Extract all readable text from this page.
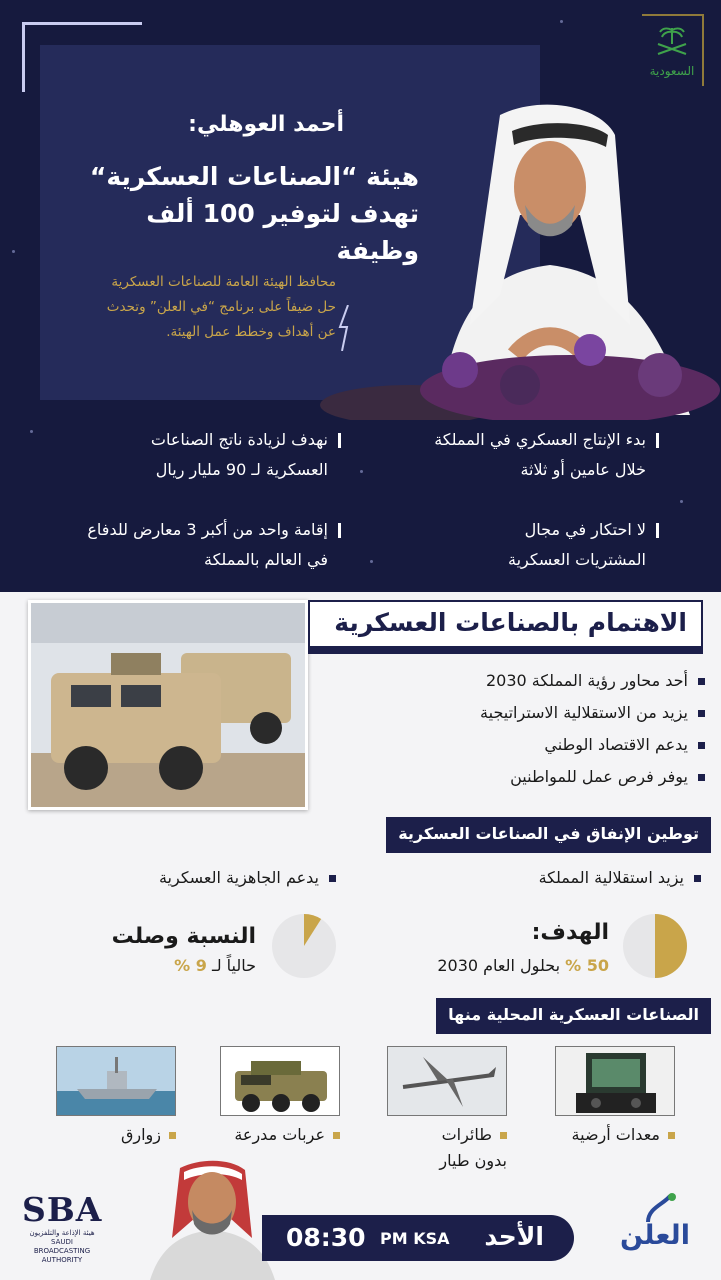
السعودية
أحمد العوهلي:
هيئة “الصناعات العسكرية“
تهدف لتوفير 100 ألف وظيفة
محافظ الهيئة العامة للصناعات العسكرية حل ضيفاً على برنامج “في العلن” وتحدث عن أهداف وخطط عمل الهيئة.
بدء الإنتاج العسكري في المملكة
خلال عامين أو ثلاثة
نهدف لزيادة ناتج الصناعات
العسكرية لـ 90 مليار ريال
لا احتكار في مجال
المشتريات العسكرية
إقامة واحد من أكبر 3 معارض للدفاع
في العالم بالمملكة
الاهتمام بالصناعات العسكرية
أحد محاور رؤية المملكة 2030
يزيد من الاستقلالية الاستراتيجية
يدعم الاقتصاد الوطني
يوفر فرص عمل للمواطنين
توطين الإنفاق في الصناعات العسكرية
يزيد استقلالية المملكة
يدعم الجاهزية العسكرية
الهدف:
50 % بحلول العام 2030
النسبة وصلت
حالياً لـ 9 %
الصناعات العسكرية المحلية منها
معدات أرضية
طائرات
بدون طيار
عربات مدرعة
زوارق
SBA
هيئة الإذاعة والتلفزيون
SAUDI BROADCASTING AUTHORITY
08:30 PM KSA الأحد	العلن
